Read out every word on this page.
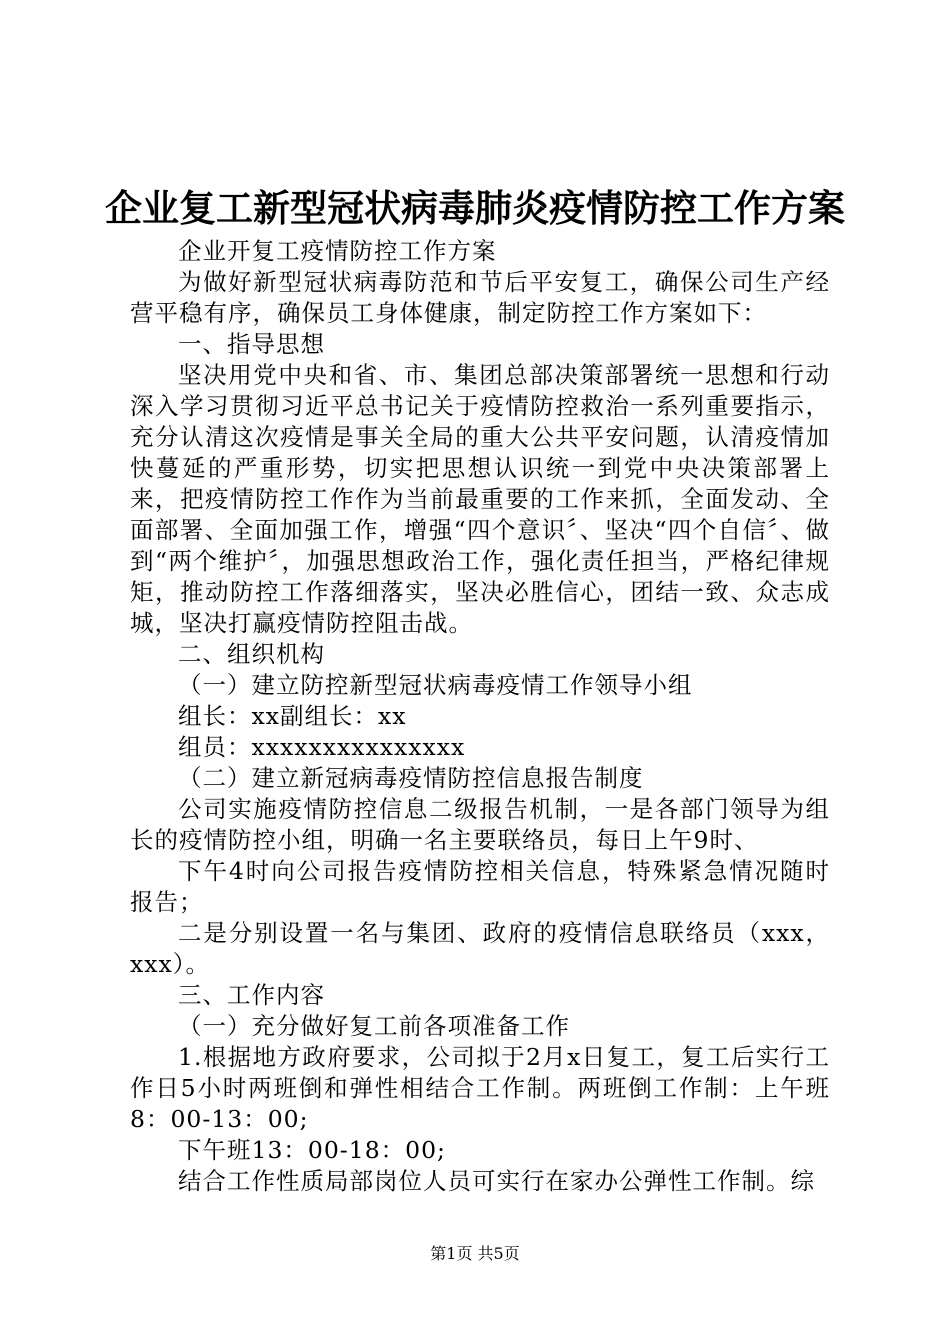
企业复工新型冠状病毒肺炎疫情防控工作方案

企业开复工疫情防控工作方案

为做好新型冠状病毒防范和节后平安复工，确保公司生产经营平稳有序，确保员工身体健康，制定防控工作方案如下：

一、指导思想

坚决用党中央和省、市、集团总部决策部署统一思想和行动深入学习贯彻习近平总书记关于疫情防控救治一系列重要指示，充分认清这次疫情是事关全局的重大公共平安问题，认清疫情加快蔓延的严重形势，切实把思想认识统一到党中央决策部署上来，把疫情防控工作作为当前最重要的工作来抓，全面发动、全面部署、全面加强工作，增强“四个意识〞、坚决“四个自信〞、做到“两个维护〞，加强思想政治工作，强化责任担当，严格纪律规矩，推动防控工作落细落实，坚决必胜信心，团结一致、众志成城，坚决打赢疫情防控阻击战。

二、组织机构

（一）建立防控新型冠状病毒疫情工作领导小组

组长：xx副组长：xx

组员：xxxxxxxxxxxxxxx

（二）建立新冠病毒疫情防控信息报告制度

公司实施疫情防控信息二级报告机制，一是各部门领导为组长的疫情防控小组，明确一名主要联络员，每日上午9时、

下午4时向公司报告疫情防控相关信息，特殊紧急情况随时报告；

二是分别设置一名与集团、政府的疫情信息联络员（xxx，xxx）。

三、工作内容

（一）充分做好复工前各项准备工作

1.根据地方政府要求，公司拟于2月x日复工，复工后实行工作日5小时两班倒和弹性相结合工作制。两班倒工作制：上午班8：00-13：00;

下午班13：00-18：00;

结合工作性质局部岗位人员可实行在家办公弹性工作制。综

第1页 共5页
